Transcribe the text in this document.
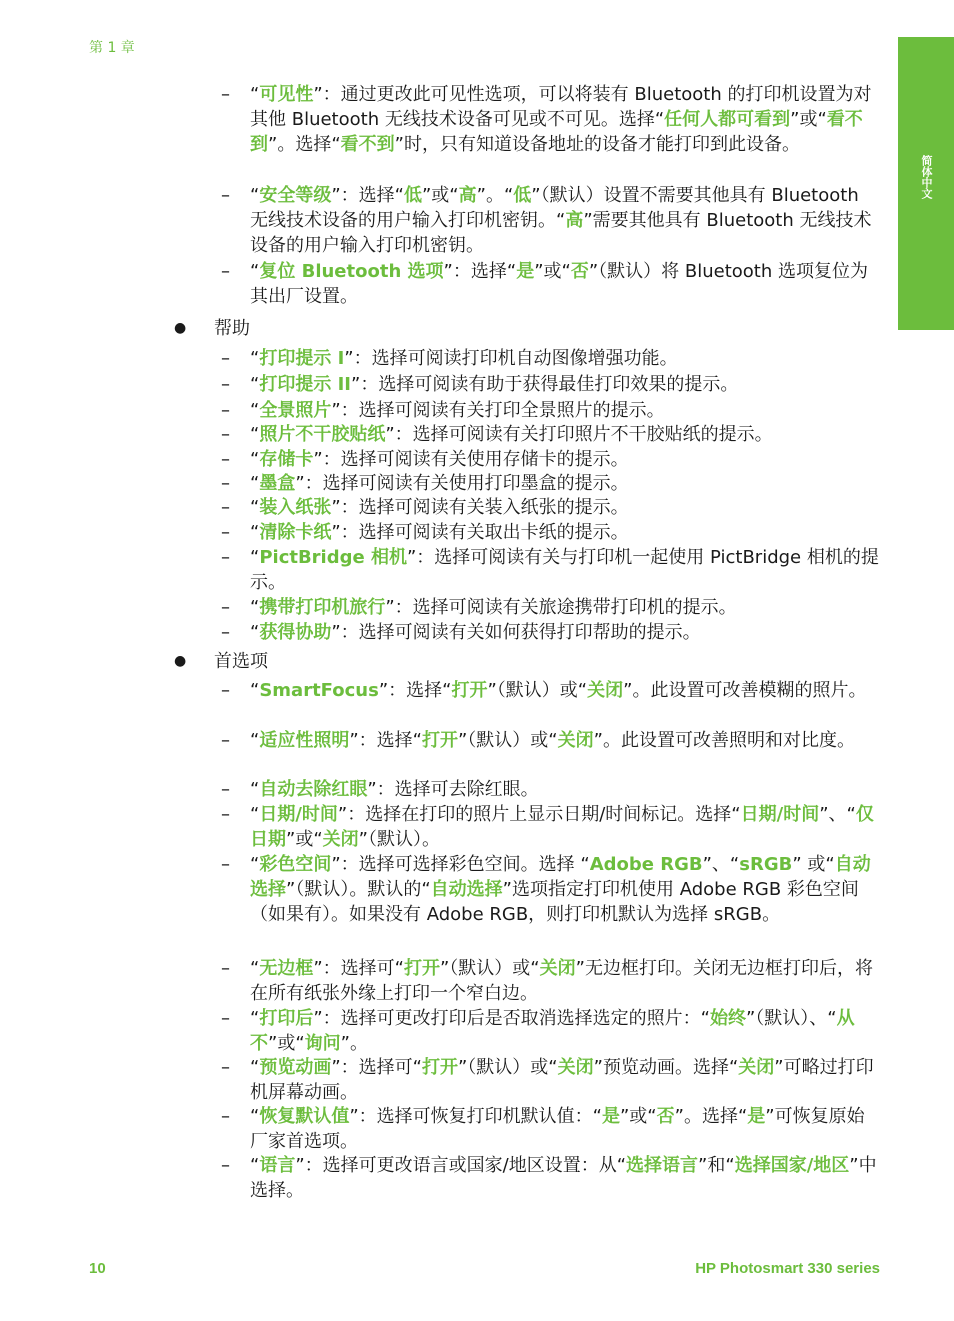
第 1 章
简体中文
– “可见性”：通过更改此可见性选项，可以将装有 Bluetooth 的打印机设置为对其他 Bluetooth 无线技术设备可见或不可见。选择“任何人都可看到”或“看不到”。选择“看不到”时，只有知道设备地址的设备才能打印到此设备。
– “安全等级”：选择“低”或“高”。“低”（默认）设置不需要其他具有 Bluetooth 无线技术设备的用户输入打印机密钥。“高”需要其他具有 Bluetooth 无线技术设备的用户输入打印机密钥。
– “复位 Bluetooth 选项”：选择“是”或“否”（默认）将 Bluetooth 选项复位为其出厂设置。
● 帮助
– “打印提示 I”：选择可阅读打印机自动图像增强功能。
– “打印提示 II”：选择可阅读有助于获得最佳打印效果的提示。
– “全景照片”：选择可阅读有关打印全景照片的提示。
– “照片不干胶贴纸”：选择可阅读有关打印照片不干胶贴纸的提示。
– “存储卡”：选择可阅读有关使用存储卡的提示。
– “墨盒”：选择可阅读有关使用打印墨盒的提示。
– “装入纸张”：选择可阅读有关装入纸张的提示。
– “清除卡纸”：选择可阅读有关取出卡纸的提示。
– “PictBridge 相机”：选择可阅读有关与打印机一起使用 PictBridge 相机的提示。
– “携带打印机旅行”：选择可阅读有关旅途携带打印机的提示。
– “获得协助”：选择可阅读有关如何获得打印帮助的提示。
● 首选项
– “SmartFocus”：选择“打开”（默认）或“关闭”。此设置可改善模糊的照片。
– “适应性照明”：选择“打开”（默认）或“关闭”。此设置可改善照明和对比度。
– “自动去除红眼”：选择可去除红眼。
– “日期/时间”：选择在打印的照片上显示日期/时间标记。选择“日期/时间”、“仅日期”或“关闭”（默认）。
– “彩色空间”：选择可选择彩色空间。选择 “Adobe RGB”、“sRGB” 或“自动选择”（默认）。默认的“自动选择”选项指定打印机使用 Adobe RGB 彩色空间（如果有）。如果没有 Adobe RGB，则打印机默认为选择 sRGB。
– “无边框”：选择可“打开”（默认）或“关闭”无边框打印。关闭无边框打印后，将在所有纸张外缘上打印一个窄白边。
– “打印后”：选择可更改打印后是否取消选择选定的照片：“始终”（默认）、“从不”或“询问”。
– “预览动画”：选择可“打开”（默认）或“关闭”预览动画。选择“关闭”可略过打印机屏幕动画。
– “恢复默认值”：选择可恢复打印机默认值：“是”或“否”。选择“是”可恢复原始厂家首选项。
– “语言”：选择可更改语言或国家/地区设置：从“选择语言”和“选择国家/地区”中选择。
10	HP Photosmart 330 series
